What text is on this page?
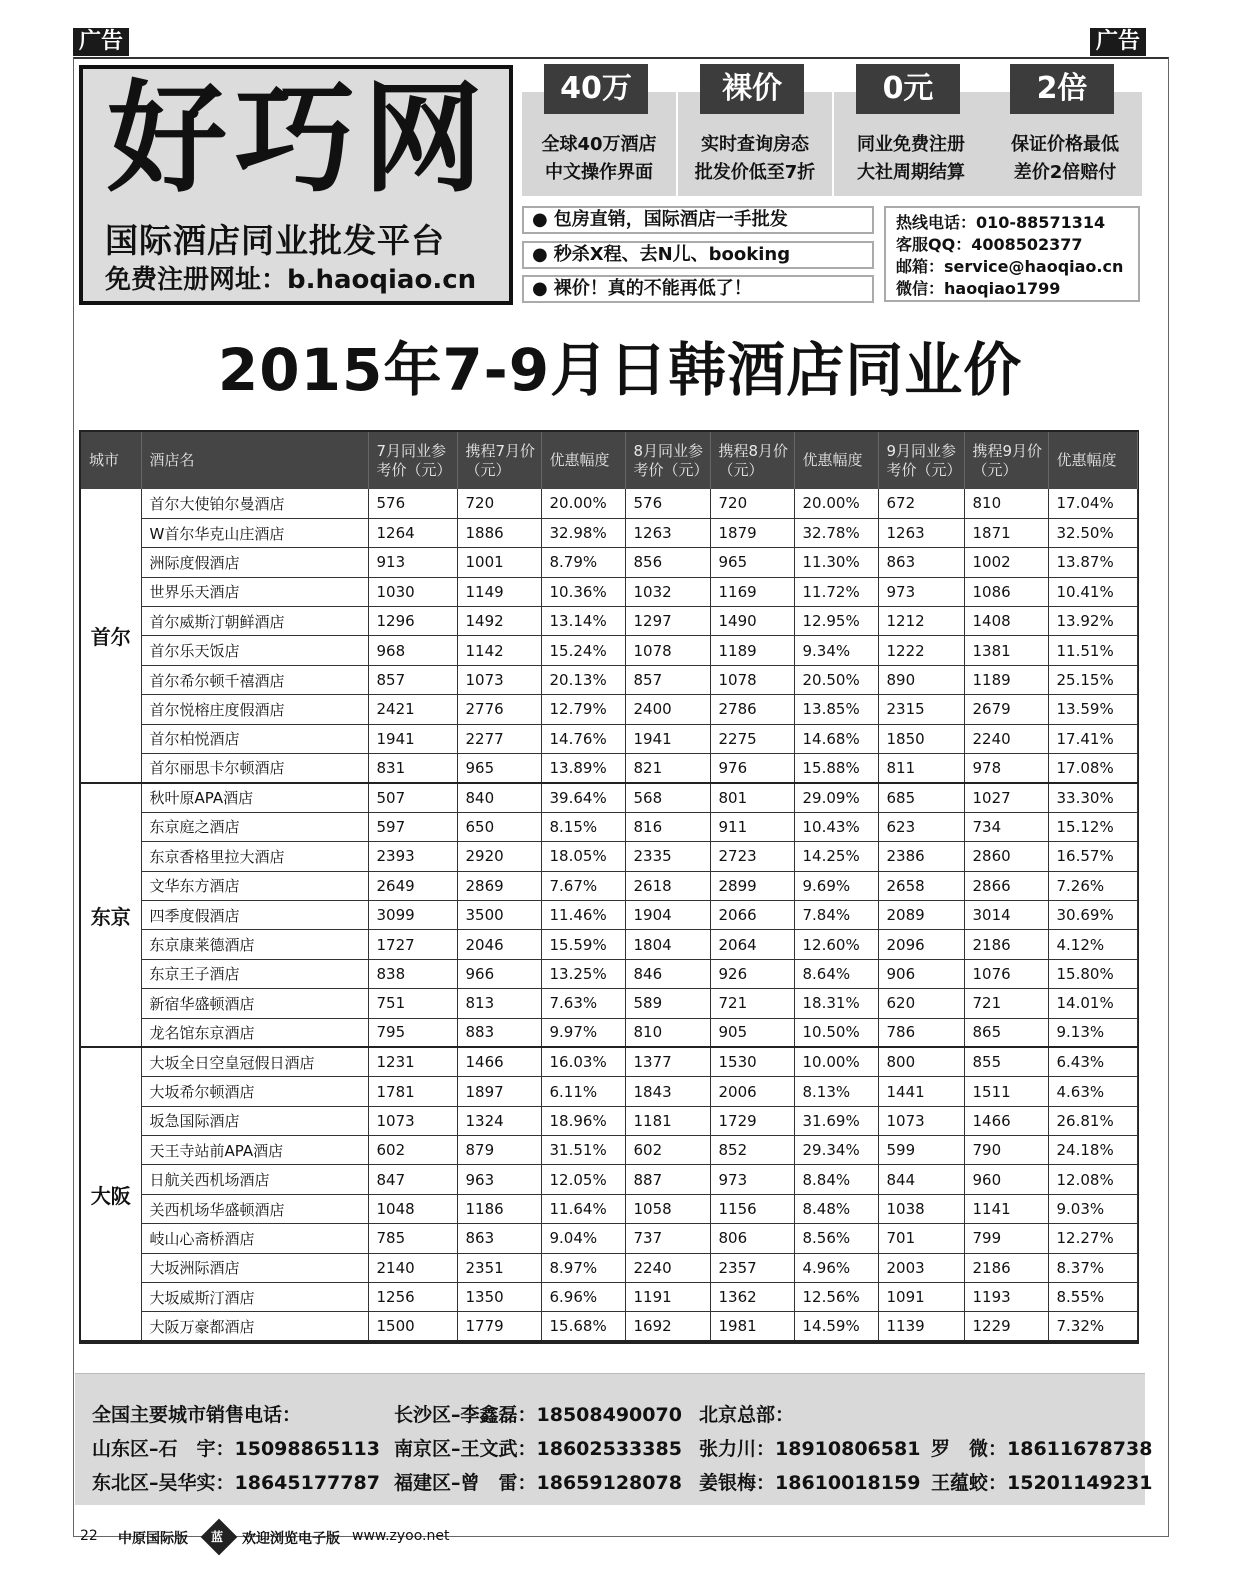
广告	广告
好巧网
国际酒店同业批发平台
免费注册网址：b.haoqiao.cn
40万
全球40万酒店
中文操作界面
裸价
实时查询房态
批发价低至7折
0元
同业免费注册
大社周期结算
2倍
保证价格最低
差价2倍赔付
● 包房直销，国际酒店一手批发
● 秒杀X程、去N儿、booking
● 裸价！真的不能再低了！
热线电话：010-88571314
客服QQ：4008502377
邮箱：service@haoqiao.cn
微信：haoqiao1799
2015年7-9月日韩酒店同业价
城市	酒店名	7月同业参考价（元）	携程7月价（元）	优惠幅度	8月同业参考价（元）	携程8月价（元）	优惠幅度	9月同业参考价（元）	携程9月价（元）	优惠幅度
首尔	首尔大使铂尔曼酒店	576	720	20.00%	576	720	20.00%	672	810	17.04%
	W首尔华克山庄酒店	1264	1886	32.98%	1263	1879	32.78%	1263	1871	32.50%
	洲际度假酒店	913	1001	8.79%	856	965	11.30%	863	1002	13.87%
	世界乐天酒店	1030	1149	10.36%	1032	1169	11.72%	973	1086	10.41%
	首尔威斯汀朝鲜酒店	1296	1492	13.14%	1297	1490	12.95%	1212	1408	13.92%
	首尔乐天饭店	968	1142	15.24%	1078	1189	9.34%	1222	1381	11.51%
	首尔希尔顿千禧酒店	857	1073	20.13%	857	1078	20.50%	890	1189	25.15%
	首尔悦榕庄度假酒店	2421	2776	12.79%	2400	2786	13.85%	2315	2679	13.59%
	首尔柏悦酒店	1941	2277	14.76%	1941	2275	14.68%	1850	2240	17.41%
	首尔丽思卡尔顿酒店	831	965	13.89%	821	976	15.88%	811	978	17.08%
东京	秋叶原APA酒店	507	840	39.64%	568	801	29.09%	685	1027	33.30%
	东京庭之酒店	597	650	8.15%	816	911	10.43%	623	734	15.12%
	东京香格里拉大酒店	2393	2920	18.05%	2335	2723	14.25%	2386	2860	16.57%
	文华东方酒店	2649	2869	7.67%	2618	2899	9.69%	2658	2866	7.26%
	四季度假酒店	3099	3500	11.46%	1904	2066	7.84%	2089	3014	30.69%
	东京康莱德酒店	1727	2046	15.59%	1804	2064	12.60%	2096	2186	4.12%
	东京王子酒店	838	966	13.25%	846	926	8.64%	906	1076	15.80%
	新宿华盛顿酒店	751	813	7.63%	589	721	18.31%	620	721	14.01%
	龙名馆东京酒店	795	883	9.97%	810	905	10.50%	786	865	9.13%
大阪	大坂全日空皇冠假日酒店	1231	1466	16.03%	1377	1530	10.00%	800	855	6.43%
	大坂希尔顿酒店	1781	1897	6.11%	1843	2006	8.13%	1441	1511	4.63%
	坂急国际酒店	1073	1324	18.96%	1181	1729	31.69%	1073	1466	26.81%
	天王寺站前APA酒店	602	879	31.51%	602	852	29.34%	599	790	24.18%
	日航关西机场酒店	847	963	12.05%	887	973	8.84%	844	960	12.08%
	关西机场华盛顿酒店	1048	1186	11.64%	1058	1156	8.48%	1038	1141	9.03%
	岐山心斋桥酒店	785	863	9.04%	737	806	8.56%	701	799	12.27%
	大坂洲际酒店	2140	2351	8.97%	2240	2357	4.96%	2003	2186	8.37%
	大坂威斯汀酒店	1256	1350	6.96%	1191	1362	12.56%	1091	1193	8.55%
	大阪万豪都酒店	1500	1779	15.68%	1692	1981	14.59%	1139	1229	7.32%
全国主要城市销售电话：
山东区–石　宇：15098865113
东北区–吴华实：18645177787
长沙区–李鑫磊：18508490070
南京区–王文武：18602533385
福建区–曾　雷：18659128078
北京总部：
张力川：18910806581
姜银梅：18610018159
罗　微：18611678738
王蕴蛟：15201149231
22 中原国际版 蓝 欢迎浏览电子版 www.zyoo.net
